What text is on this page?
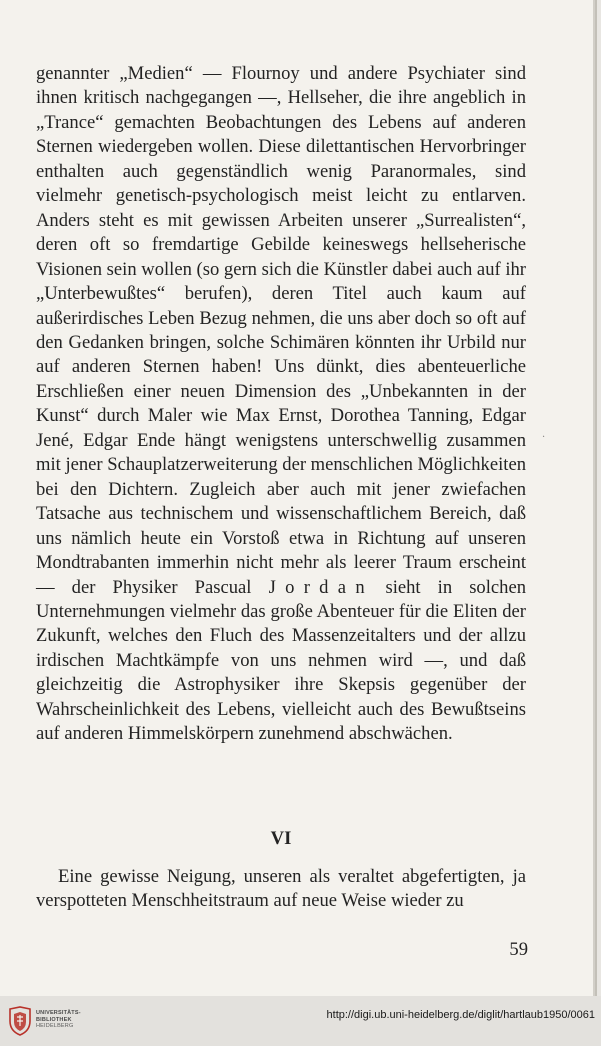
genannter „Medien“ — Flournoy und andere Psychiater sind ihnen kritisch nachgegangen —, Hellseher, die ihre angeblich in „Trance“ gemachten Beobachtungen des Lebens auf anderen Sternen wiedergeben wollen. Diese dilettantischen Hervorbringer enthalten auch gegenständlich wenig Paranormales, sind vielmehr genetisch-psychologisch meist leicht zu entlarven. Anders steht es mit gewissen Arbeiten unserer „Surrealisten“, deren oft so fremdartige Gebilde keineswegs hellseherische Visionen sein wollen (so gern sich die Künstler dabei auch auf ihr „Unterbewußtes“ berufen), deren Titel auch kaum auf außerirdisches Leben Bezug nehmen, die uns aber doch so oft auf den Gedanken bringen, solche Schimären könnten ihr Urbild nur auf anderen Sternen haben! Uns dünkt, dies abenteuerliche Erschließen einer neuen Dimension des „Unbekannten in der Kunst“ durch Maler wie Max Ernst, Dorothea Tanning, Edgar Jené, Edgar Ende hängt wenigstens unterschwellig zusammen mit jener Schauplatzerweiterung der menschlichen Möglichkeiten bei den Dichtern. Zugleich aber auch mit jener zwiefachen Tatsache aus technischem und wissenschaftlichem Bereich, daß uns nämlich heute ein Vorstoß etwa in Richtung auf unseren Mondtrabanten immerhin nicht mehr als leerer Traum erscheint — der Physiker Pascual Jordan sieht in solchen Unternehmungen vielmehr das große Abenteuer für die Eliten der Zukunft, welches den Fluch des Massenzeitalters und der allzu irdischen Machtkämpfe von uns nehmen wird —, und daß gleichzeitig die Astrophysiker ihre Skepsis gegenüber der Wahrscheinlichkeit des Lebens, vielleicht auch des Bewußtseins auf anderen Himmelskörpern zunehmend abschwächen.

·
VI

Eine gewisse Neigung, unseren als veraltet abgefertigten, ja verspotteten Menschheitstraum auf neue Weise wieder zu

59
UNIVERSITÄTS-
BIBLIOTHEK
HEIDELBERG
http://digi.ub.uni-heidelberg.de/diglit/hartlaub1950/0061
